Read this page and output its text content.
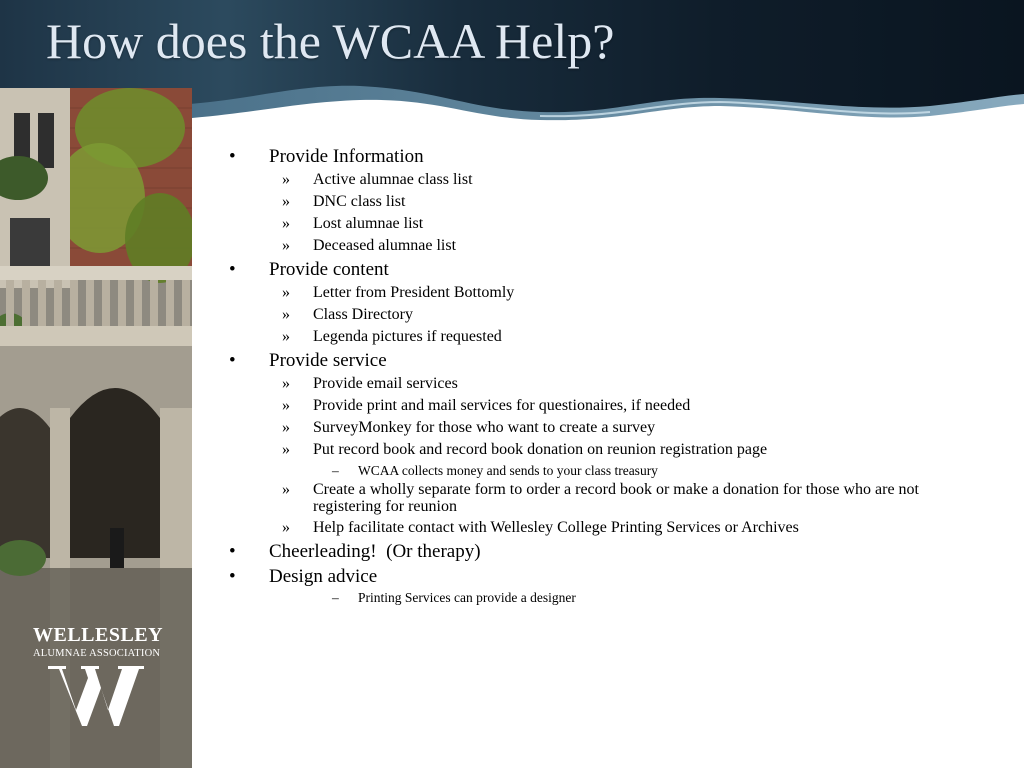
How does the WCAA Help?
WELLESLEY
ALUMNAE ASSOCIATION
• Provide Information
» Active alumnae class list
» DNC class list
» Lost alumnae list
» Deceased alumnae list
• Provide content
» Letter from President Bottomly
» Class Directory
» Legenda pictures if requested
• Provide service
» Provide email services
» Provide print and mail services for questionaires, if needed
» SurveyMonkey for those who want to create a survey
» Put record book and record book donation on reunion registration page
– WCAA collects money and sends to your class treasury
» Create a wholly separate form to order a record book or make a donation for those who are not registering for reunion
» Help facilitate contact with Wellesley College Printing Services or Archives
• Cheerleading!  (Or therapy)
• Design advice
– Printing Services can provide a designer
